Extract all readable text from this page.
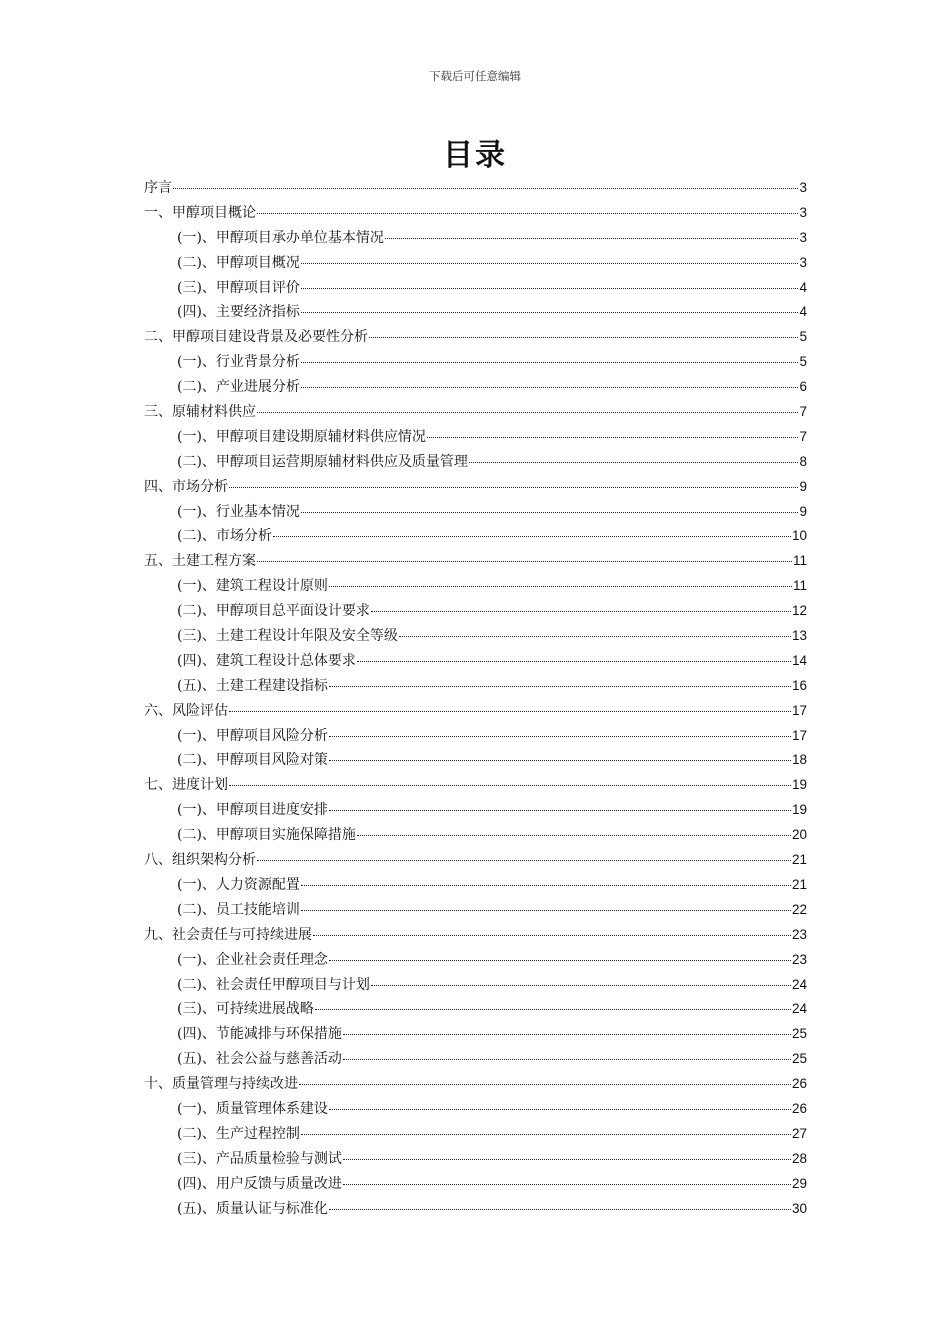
下载后可任意编辑
目录
序言	3
一、甲醇项目概论	3
(一)、甲醇项目承办单位基本情况	3
(二)、甲醇项目概况	3
(三)、甲醇项目评价	4
(四)、主要经济指标	4
二、甲醇项目建设背景及必要性分析	5
(一)、行业背景分析	5
(二)、产业进展分析	6
三、原辅材料供应	7
(一)、甲醇项目建设期原辅材料供应情况	7
(二)、甲醇项目运营期原辅材料供应及质量管理	8
四、市场分析	9
(一)、行业基本情况	9
(二)、市场分析	10
五、土建工程方案	11
(一)、建筑工程设计原则	11
(二)、甲醇项目总平面设计要求	12
(三)、土建工程设计年限及安全等级	13
(四)、建筑工程设计总体要求	14
(五)、土建工程建设指标	16
六、风险评估	17
(一)、甲醇项目风险分析	17
(二)、甲醇项目风险对策	18
七、进度计划	19
(一)、甲醇项目进度安排	19
(二)、甲醇项目实施保障措施	20
八、组织架构分析	21
(一)、人力资源配置	21
(二)、员工技能培训	22
九、社会责任与可持续进展	23
(一)、企业社会责任理念	23
(二)、社会责任甲醇项目与计划	24
(三)、可持续进展战略	24
(四)、节能减排与环保措施	25
(五)、社会公益与慈善活动	25
十、质量管理与持续改进	26
(一)、质量管理体系建设	26
(二)、生产过程控制	27
(三)、产品质量检验与测试	28
(四)、用户反馈与质量改进	29
(五)、质量认证与标准化	30
